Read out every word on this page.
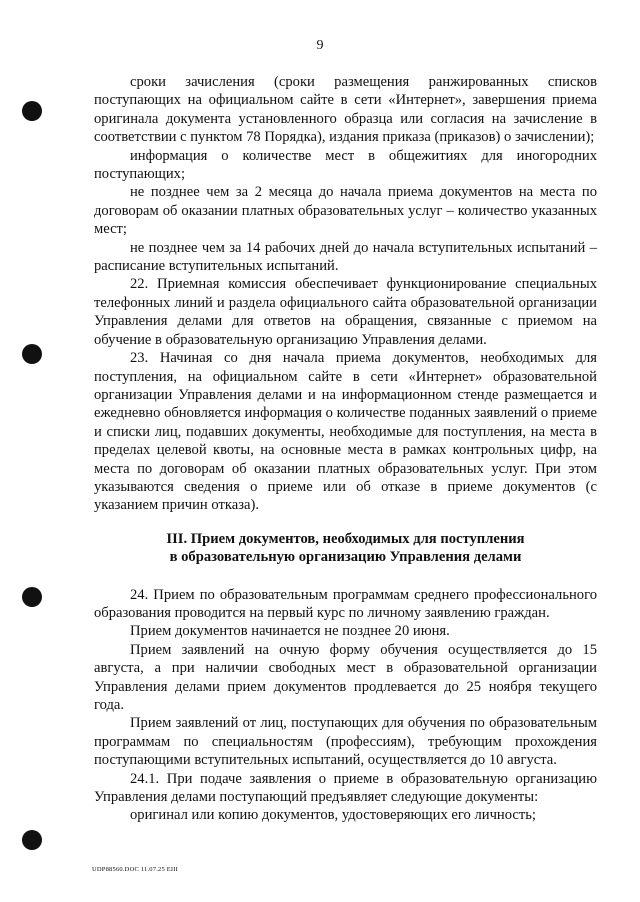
9

сроки зачисления (сроки размещения ранжированных списков поступающих на официальном сайте в сети «Интернет», завершения приема оригинала документа установленного образца или согласия на зачисление в соответствии с пунктом 78 Порядка), издания приказа (приказов) о зачислении);

информация о количестве мест в общежитиях для иногородних поступающих;

не позднее чем за 2 месяца до начала приема документов на места по договорам об оказании платных образовательных услуг – количество указанных мест;

не позднее чем за 14 рабочих дней до начала вступительных испытаний – расписание вступительных испытаний.

22. Приемная комиссия обеспечивает функционирование специальных телефонных линий и раздела официального сайта образовательной организации Управления делами для ответов на обращения, связанные с приемом на обучение в образовательную организацию Управления делами.

23. Начиная со дня начала приема документов, необходимых для поступления, на официальном сайте в сети «Интернет» образовательной организации Управления делами и на информационном стенде размещается и ежедневно обновляется информация о количестве поданных заявлений о приеме и списки лиц, подавших документы, необходимые для поступления, на места в пределах целевой квоты, на основные места в рамках контрольных цифр, на места по договорам об оказании платных образовательных услуг. При этом указываются сведения о приеме или об отказе в приеме документов (с указанием причин отказа).

III. Прием документов, необходимых для поступления
в образовательную организацию Управления делами

24. Прием по образовательным программам среднего профессионального образования проводится на первый курс по личному заявлению граждан.

Прием документов начинается не позднее 20 июня.

Прием заявлений на очную форму обучения осуществляется до 15 августа, а при наличии свободных мест в образовательной организации Управления делами прием документов продлевается до 25 ноября текущего года.

Прием заявлений от лиц, поступающих для обучения по образовательным программам по специальностям (профессиям), требующим прохождения поступающими вступительных испытаний, осуществляется до 10 августа.

24.1. При подаче заявления о приеме в образовательную организацию Управления делами поступающий предъявляет следующие документы:

оригинал или копию документов, удостоверяющих его личность;

UDP88560.DOC 11.07.25 EIII
